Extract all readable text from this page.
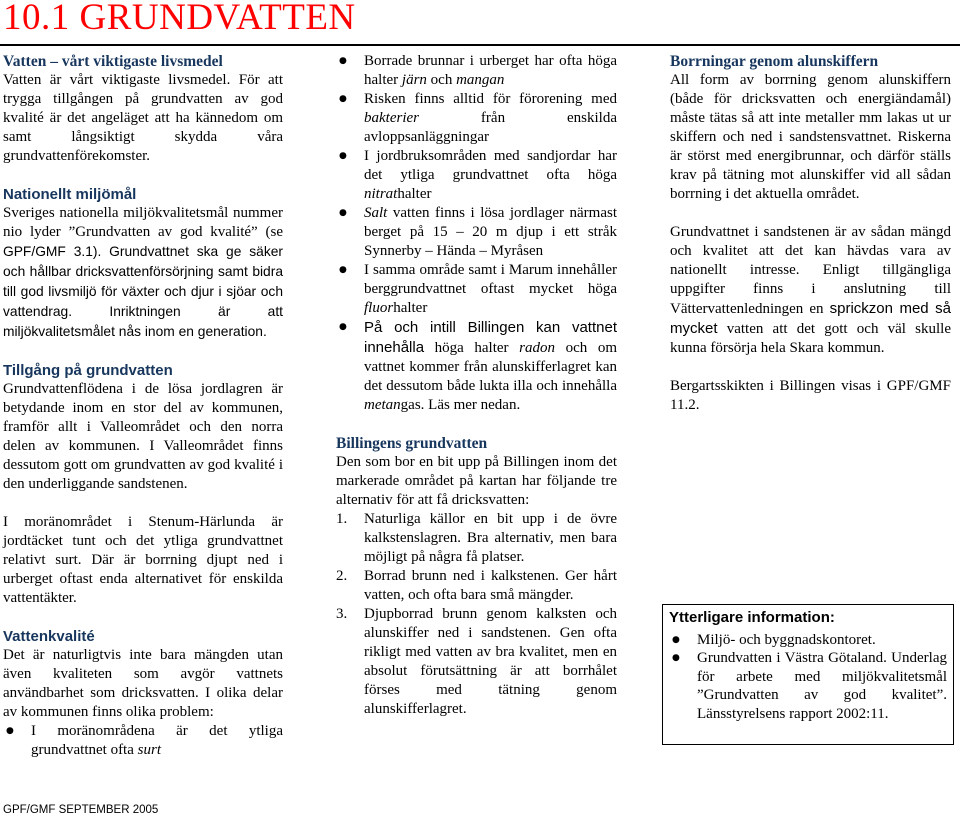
10.1 GRUNDVATTEN
Vatten – vårt viktigaste livsmedel

Vatten är vårt viktigaste livsmedel. För att trygga tillgången på grundvatten av god kvalité är det angeläget att ha kännedom om samt långsiktigt skydda våra grundvattenförekomster.

Nationellt miljömål

Sveriges nationella miljökvalitetsmål nummer nio lyder ”Grundvatten av god kvalité” (se GPF/GMF 3.1). Grundvattnet ska ge säker och hållbar dricksvattenförsörjning samt bidra till god livsmiljö för växter och djur i sjöar och vattendrag. Inriktningen är att miljökvalitetsmålet nås inom en generation.

Tillgång på grundvatten

Grundvattenflödena i de lösa jordlagren är betydande inom en stor del av kommunen, framför allt i Valleområdet och den norra delen av kommunen. I Valleområdet finns dessutom gott om grundvatten av god kvalité i den underliggande sandstenen.

I moränområdet i Stenum-Härlunda är jordtäcket tunt och det ytliga grundvattnet relativt surt. Där är borrning djupt ned i urberget oftast enda alternativet för enskilda vattentäkter.

Vattenkvalité

Det är naturligtvis inte bara mängden utan även kvaliteten som avgör vattnets användbarhet som dricksvatten. I olika delar av kommunen finns olika problem:

● I moränområdena är det ytliga grundvattnet ofta surt
● Borrade brunnar i urberget har ofta höga halter järn och mangan
● Risken finns alltid för förorening med bakterier från enskilda avloppsanläggningar
● I jordbruksområden med sandjordar har det ytliga grundvattnet ofta höga nitrathalter
● Salt vatten finns i lösa jordlager närmast berget på 15 – 20 m djup i ett stråk Synnerby – Hända – Myråsen
● I samma område samt i Marum innehåller berggrundvattnet oftast mycket höga fluorhalter
● På och intill Billingen kan vattnet innehålla höga halter radon och om vattnet kommer från alunskifferlagret kan det dessutom både lukta illa och innehålla metangas. Läs mer nedan.
Billingens grundvatten

Den som bor en bit upp på Billingen inom det markerade området på kartan har följande tre alternativ för att få dricksvatten:

1. Naturliga källor en bit upp i de övre kalkstenslagren. Bra alternativ, men bara möjligt på några få platser.
2. Borrad brunn ned i kalkstenen. Ger hårt vatten, och ofta bara små mängder.
3. Djupborrad brunn genom kalksten och alunskiffer ned i sandstenen. Gen ofta rikligt med vatten av bra kvalitet, men en absolut förutsättning är att borrhålet förses med tätning genom alunskifferlagret.
Borrningar genom alunskiffern

All form av borrning genom alunskiffern (både för dricksvatten och energiändamål) måste tätas så att inte metaller mm lakas ut ur skiffern och ned i sandstensvattnet. Riskerna är störst med energibrunnar, och därför ställs krav på tätning mot alunskiffer vid all sådan borrning i det aktuella området.

Grundvattnet i sandstenen är av sådan mängd och kvalitet att det kan hävdas vara av nationellt intresse. Enligt tillgängliga uppgifter finns i anslutning till Vättervattenledningen en sprickzon med så mycket vatten att det gott och väl skulle kunna försörja hela Skara kommun.

Bergartsskikten i Billingen visas i GPF/GMF 11.2.

Ytterligare information:
● Miljö- och byggnadskontoret.
● Grundvatten i Västra Götaland. Underlag för arbete med miljökvalitetsmål ”Grundvatten av god kvalitet”. Länsstyrelsens rapport 2002:11.
GPF/GMF SEPTEMBER 2005
